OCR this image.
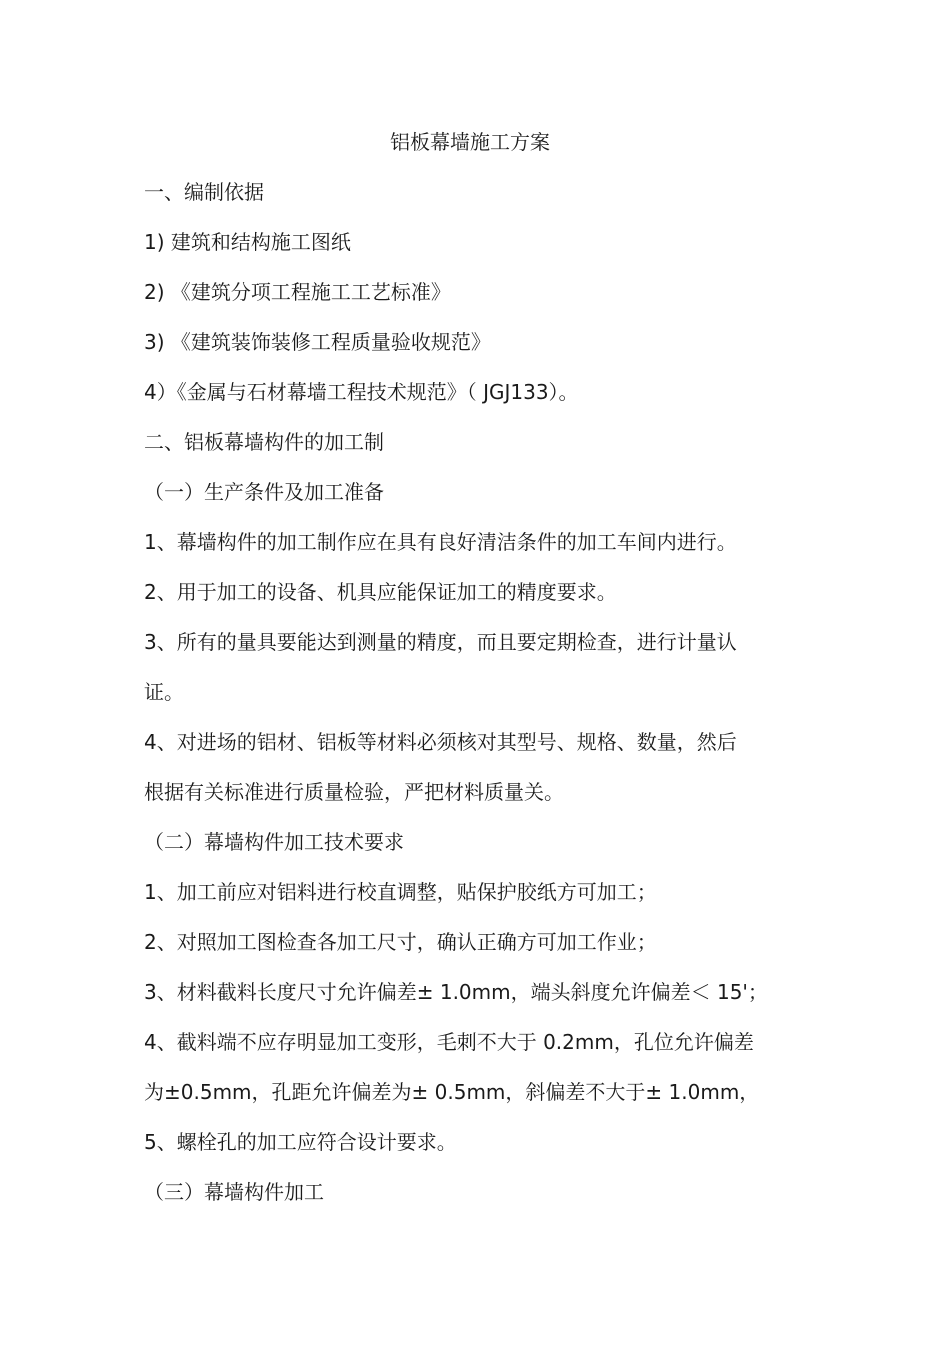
铝板幕墙施工方案
一、编制依据
1) 建筑和结构施工图纸
2) 《建筑分项工程施工工艺标准》
3) 《建筑装饰装修工程质量验收规范》
4）《金属与石材幕墙工程技术规范》（ JGJ133）。
二、铝板幕墙构件的加工制
（一）生产条件及加工准备
1、幕墙构件的加工制作应在具有良好清洁条件的加工车间内进行。
2、用于加工的设备、机具应能保证加工的精度要求。
3、所有的量具要能达到测量的精度，而且要定期检查，进行计量认
证。
4、对进场的铝材、铝板等材料必须核对其型号、规格、数量，然后
根据有关标准进行质量检验，严把材料质量关。
（二）幕墙构件加工技术要求
1、加工前应对铝料进行校直调整，贴保护胶纸方可加工；
2、对照加工图检查各加工尺寸，确认正确方可加工作业；
3、材料截料长度尺寸允许偏差± 1.0mm，端头斜度允许偏差＜ 15'；
4、截料端不应存明显加工变形，毛刺不大于 0.2mm，孔位允许偏差
为±0.5mm，孔距允许偏差为± 0.5mm，斜偏差不大于± 1.0mm，
5、螺栓孔的加工应符合设计要求。
（三）幕墙构件加工
